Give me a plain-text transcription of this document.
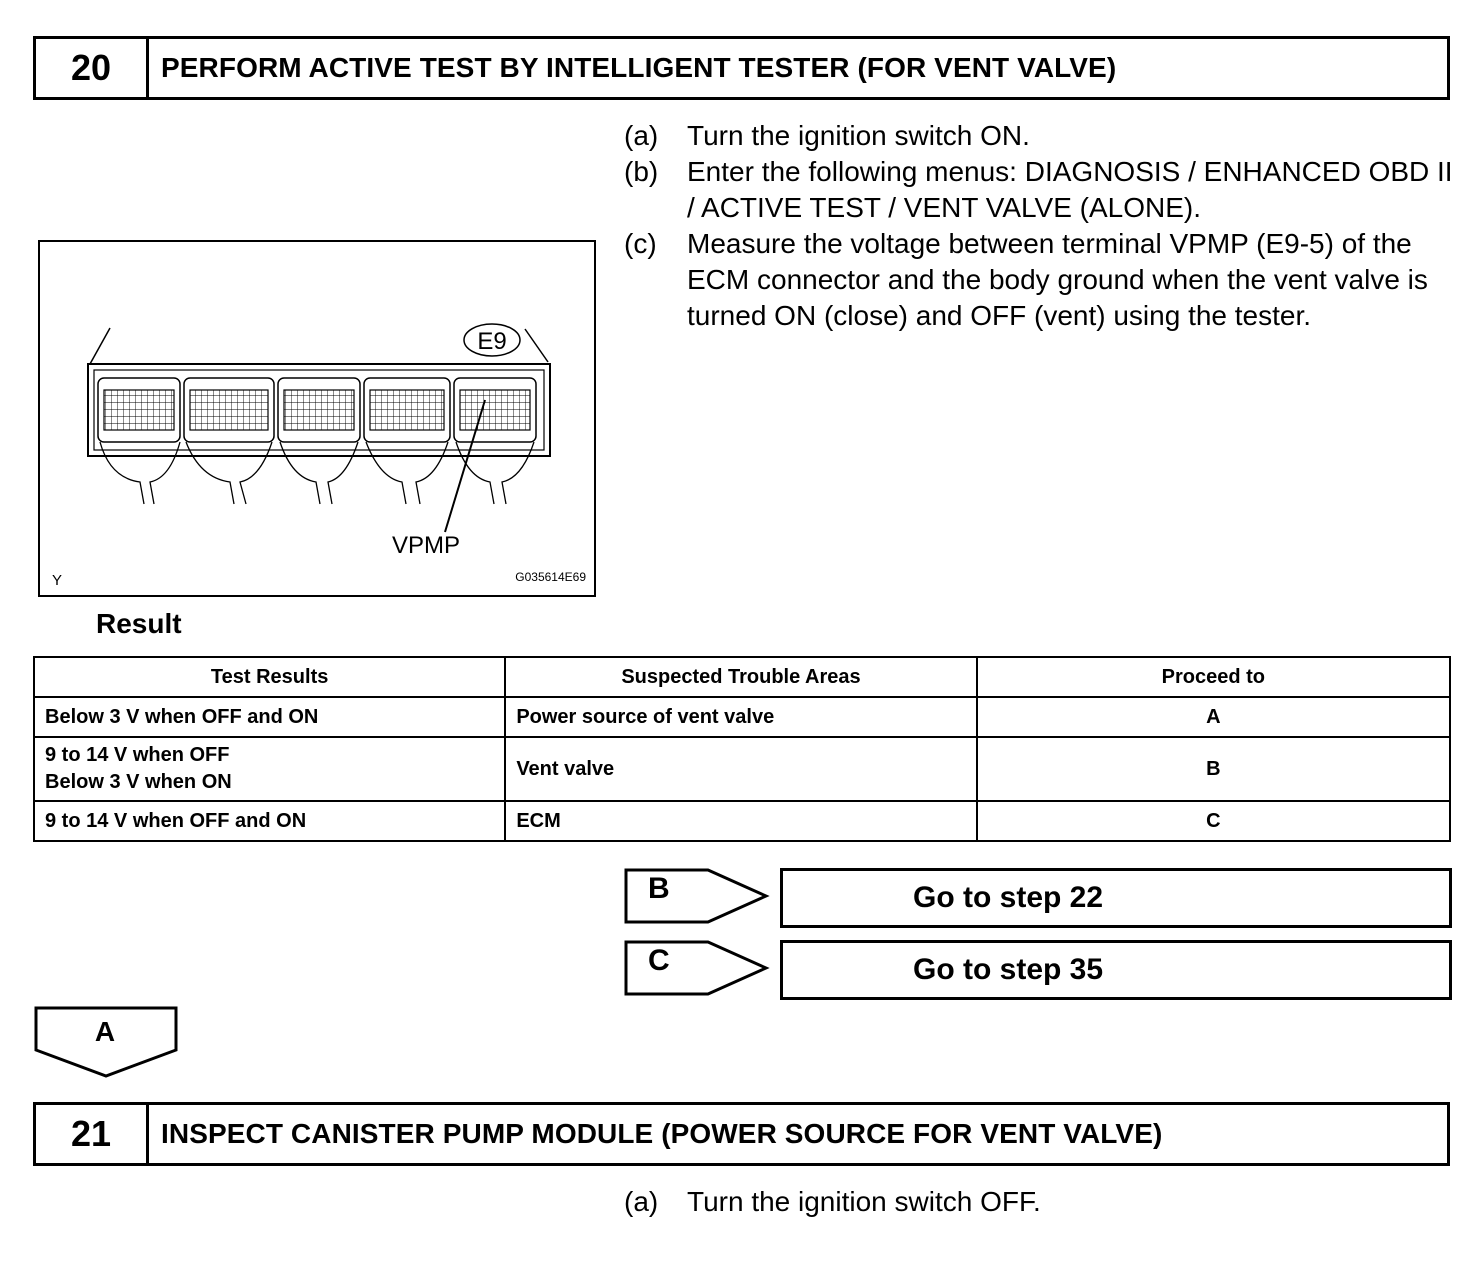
20	PERFORM ACTIVE TEST BY INTELLIGENT TESTER (FOR VENT VALVE)
(a)	Turn the ignition switch ON.
(b)	Enter the following menus: DIAGNOSIS / ENHANCED OBD II / ACTIVE TEST / VENT VALVE (ALONE).
(c)	Measure the voltage between terminal VPMP (E9-5) of the ECM connector and the body ground when the vent valve is turned ON (close) and OFF (vent) using the tester.
E9
VPMP
Y	G035614E69
Result
Test Results	Suspected Trouble Areas	Proceed to
Below 3 V when OFF and ON	Power source of vent valve	A

9 to 14 V when OFF
Below 3 V when ON	Vent valve	B
9 to 14 V when OFF and ON	ECM	C
B	Go to step 22
C	Go to step 35
A
21	INSPECT CANISTER PUMP MODULE (POWER SOURCE FOR VENT VALVE)
(a)	Turn the ignition switch OFF.
